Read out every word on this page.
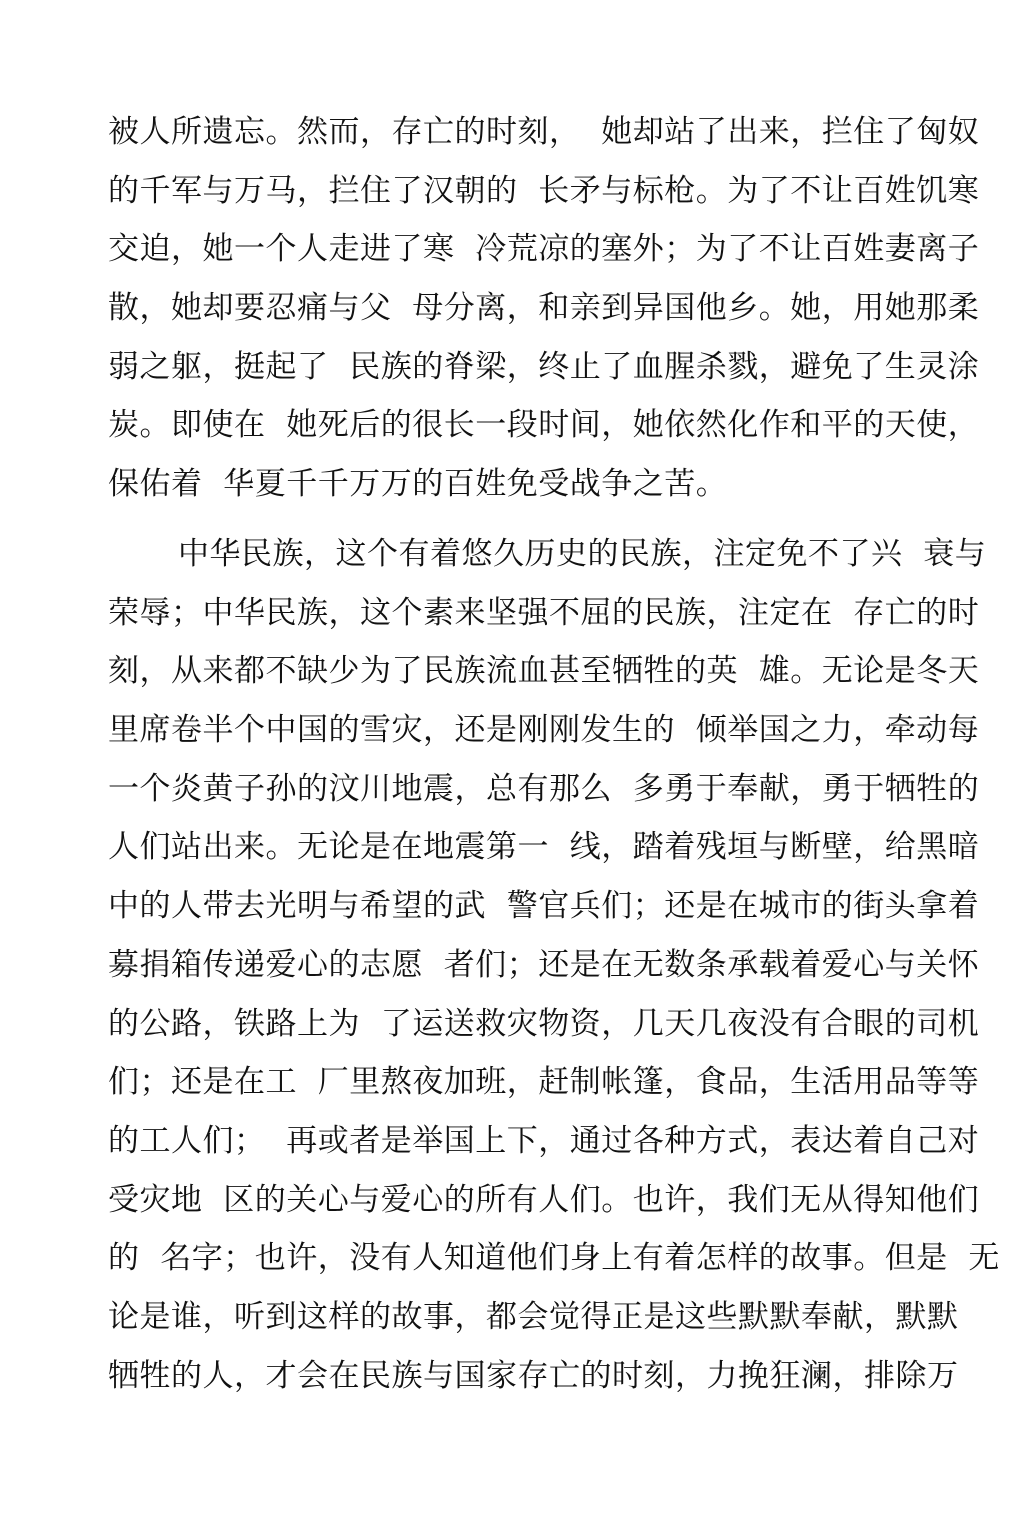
被人所遗忘。然而，存亡的时刻，  她却站了出来，拦住了匈奴
的千军与万马，拦住了汉朝的  长矛与标枪。为了不让百姓饥寒
交迫，她一个人走进了寒  冷荒凉的塞外；为了不让百姓妻离子
散，她却要忍痛与父  母分离，和亲到异国他乡。她，用她那柔
弱之躯，挺起了  民族的脊梁，终止了血腥杀戮，避免了生灵涂
炭。即使在  她死后的很长一段时间，她依然化作和平的天使，
保佑着  华夏千千万万的百姓免受战争之苦。
中华民族，这个有着悠久历史的民族，注定免不了兴  衰与
荣辱；中华民族，这个素来坚强不屈的民族，注定在  存亡的时
刻，从来都不缺少为了民族流血甚至牺牲的英  雄。无论是冬天
里席卷半个中国的雪灾，还是刚刚发生的  倾举国之力，牵动每
一个炎黄子孙的汶川地震，总有那么  多勇于奉献，勇于牺牲的
人们站出来。无论是在地震第一  线，踏着残垣与断壁，给黑暗
中的人带去光明与希望的武  警官兵们；还是在城市的街头拿着
募捐箱传递爱心的志愿  者们；还是在无数条承载着爱心与关怀
的公路，铁路上为  了运送救灾物资，几天几夜没有合眼的司机
们；还是在工  厂里熬夜加班，赶制帐篷，食品，生活用品等等
的工人们；  再或者是举国上下，通过各种方式，表达着自己对
受灾地  区的关心与爱心的所有人们。也许，我们无从得知他们
的  名字；也许，没有人知道他们身上有着怎样的故事。但是  无
论是谁，听到这样的故事，都会觉得正是这些默默奉献，默默
牺牲的人，才会在民族与国家存亡的时刻，力挽狂澜，排除万
